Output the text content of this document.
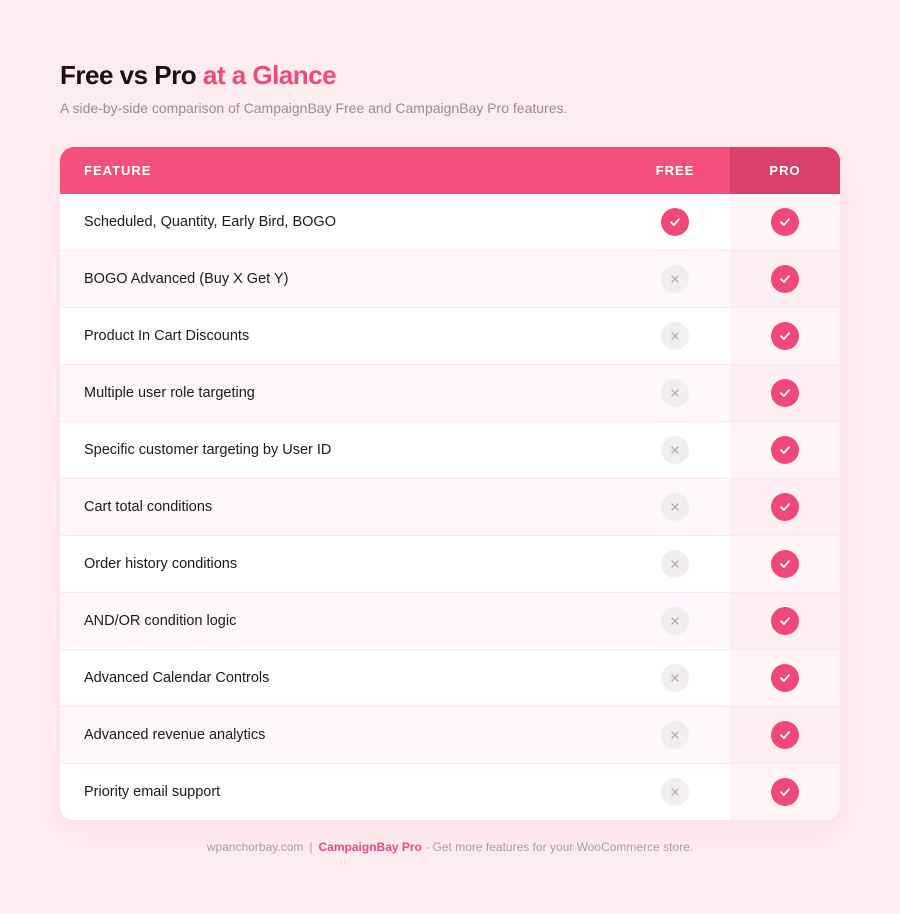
Free vs Pro at a Glance

A side-by-side comparison of CampaignBay Free and CampaignBay Pro features.

FEATURE	FREE	PRO
Scheduled, Quantity, Early Bird, BOGO
BOGO Advanced (Buy X Get Y)
Product In Cart Discounts
Multiple user role targeting
Specific customer targeting by User ID
Cart total conditions
Order history conditions
AND/OR condition logic
Advanced Calendar Controls
Advanced revenue analytics
Priority email support
wpanchorbay.com | CampaignBay Pro - Get more features for your WooCommerce store.
